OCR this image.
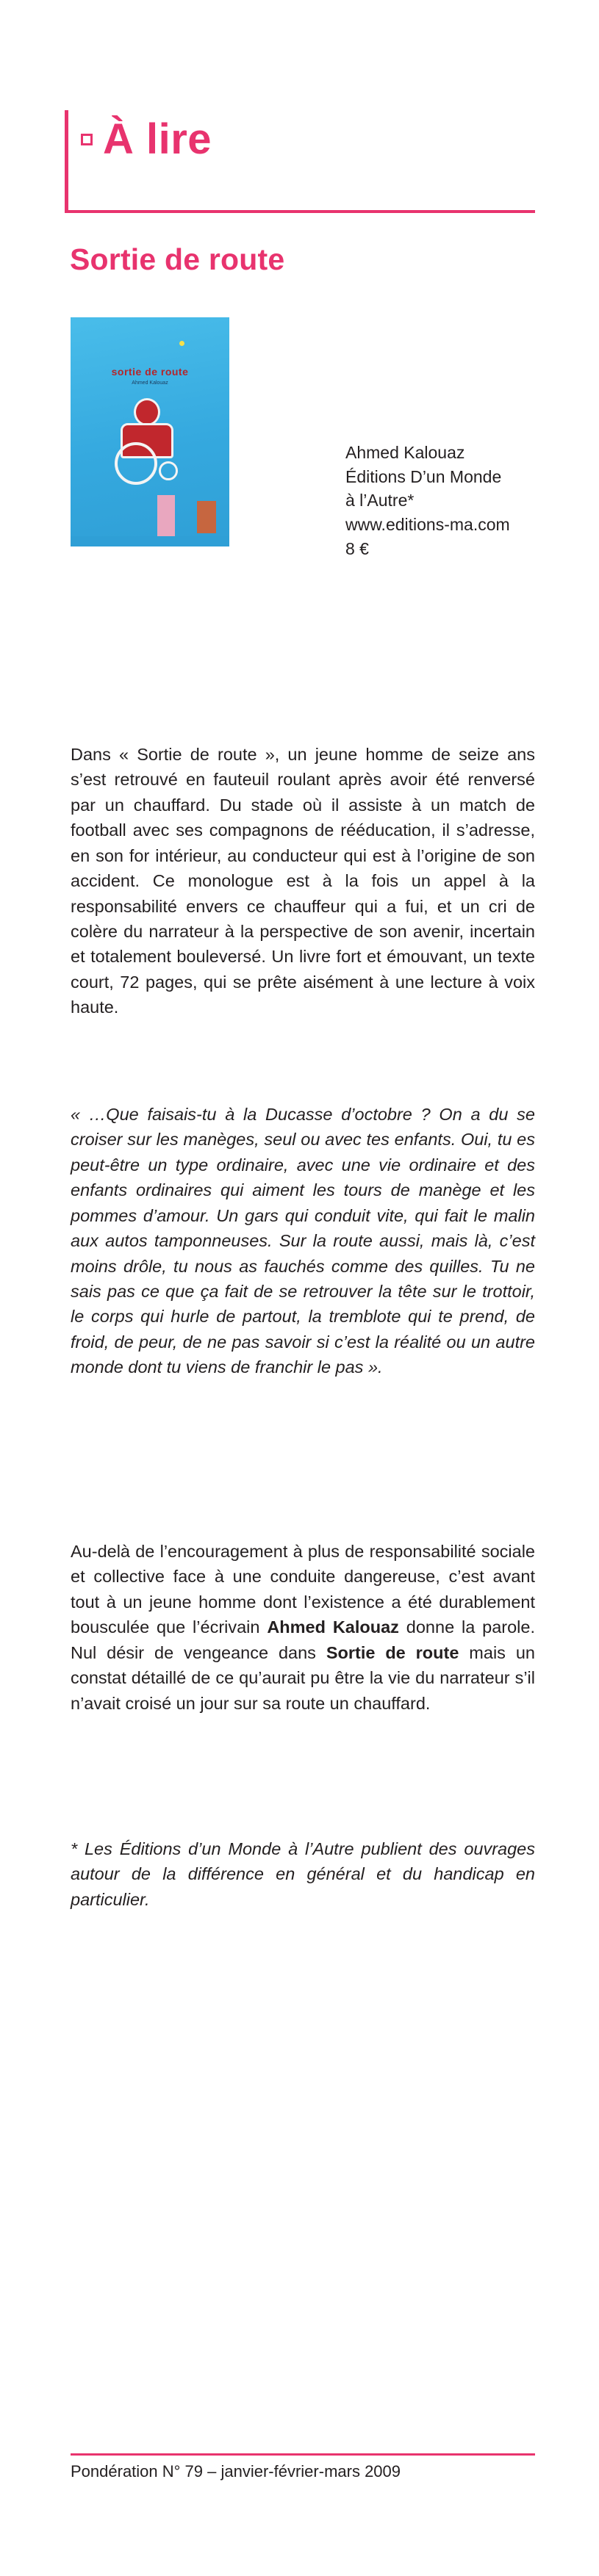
À lire
Sortie de route
sortie de route
Ahmed Kalouaz
Ahmed Kalouaz
Éditions D’un Monde
à l’Autre*
www.editions-ma.com
8 €

Dans « Sortie de route », un jeune homme de seize ans s’est retrouvé en fauteuil roulant après avoir été renversé par un chauffard. Du stade où il assiste à un match de football avec ses compagnons de rééducation, il s’adresse, en son for intérieur, au conducteur qui est à l’origine de son accident. Ce monologue est à la fois un appel à la responsabilité envers ce chauffeur qui a fui, et un cri de colère du narrateur à la perspective de son avenir, incertain et totalement bouleversé. Un livre fort et émouvant, un texte court, 72 pages, qui se prête aisément à une lecture à voix haute.

« …Que faisais-tu à la Ducasse d’octobre ? On a du se croiser sur les manèges, seul ou avec tes enfants. Oui, tu es peut-être un type ordinaire, avec une vie ordinaire et des enfants ordinaires qui aiment les tours de manège et les pommes d’amour. Un gars qui conduit vite, qui fait le malin aux autos tamponneuses. Sur la route aussi, mais là, c’est moins drôle, tu nous as fauchés comme des quilles. Tu ne sais pas ce que ça fait de se retrouver la tête sur le trottoir, le corps qui hurle de partout, la tremblote qui te prend, de froid, de peur, de ne pas savoir si c’est la réalité ou un autre monde dont tu viens de franchir le pas ».

Au-delà de l’encouragement à plus de responsabilité sociale et collective face à une conduite dangereuse, c’est avant tout à un jeune homme dont l’existence a été durablement bousculée que l’écrivain Ahmed Kalouaz donne la parole. Nul désir de vengeance dans Sortie de route mais un constat détaillé de ce qu’aurait pu être la vie du narrateur s’il n’avait croisé un jour sur sa route un chauffard.

* Les Éditions d’un Monde à l’Autre publient des ouvrages autour de la différence en général et du handicap en particulier.

Pondération N° 79 – janvier-février-mars 2009
